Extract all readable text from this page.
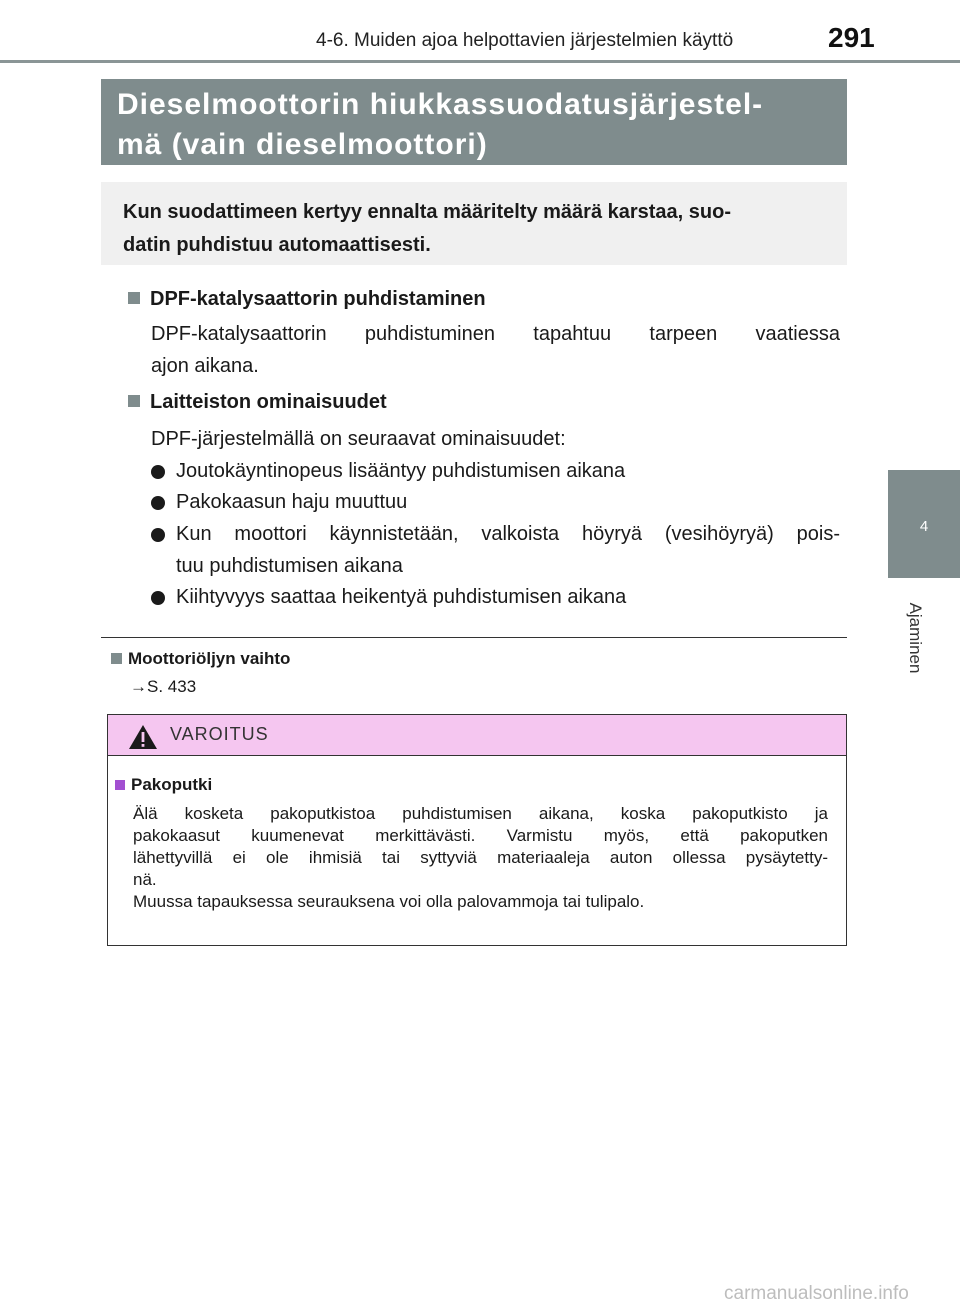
4-6. Muiden ajoa helpottavien järjestelmien käyttö	291
4
Ajaminen
Dieselmoottorin hiukkassuodatusjärjestel-
mä (vain dieselmoottori)
Kun suodattimeen kertyy ennalta määritelty määrä karstaa, suo-
datin puhdistuu automaattisesti.
DPF-katalysaattorin puhdistaminen
DPF-katalysaattorin puhdistuminen tapahtuu tarpeen vaatiessa
ajon aikana.
Laitteiston ominaisuudet
DPF-järjestelmällä on seuraavat ominaisuudet:
Joutokäyntinopeus lisääntyy puhdistumisen aikana
Pakokaasun haju muuttuu
Kun moottori käynnistetään, valkoista höyryä (vesihöyryä) pois-
tuu puhdistumisen aikana
Kiihtyvyys saattaa heikentyä puhdistumisen aikana
Moottoriöljyn vaihto
→S. 433
VAROITUS
Pakoputki
Älä kosketa pakoputkistoa puhdistumisen aikana, koska pakoputkisto ja
pakokaasut kuumenevat merkittävästi. Varmistu myös, että pakoputken
lähettyvillä ei ole ihmisiä tai syttyviä materiaaleja auton ollessa pysäytetty-
nä.
Muussa tapauksessa seurauksena voi olla palovammoja tai tulipalo.
carmanualsonline.info
